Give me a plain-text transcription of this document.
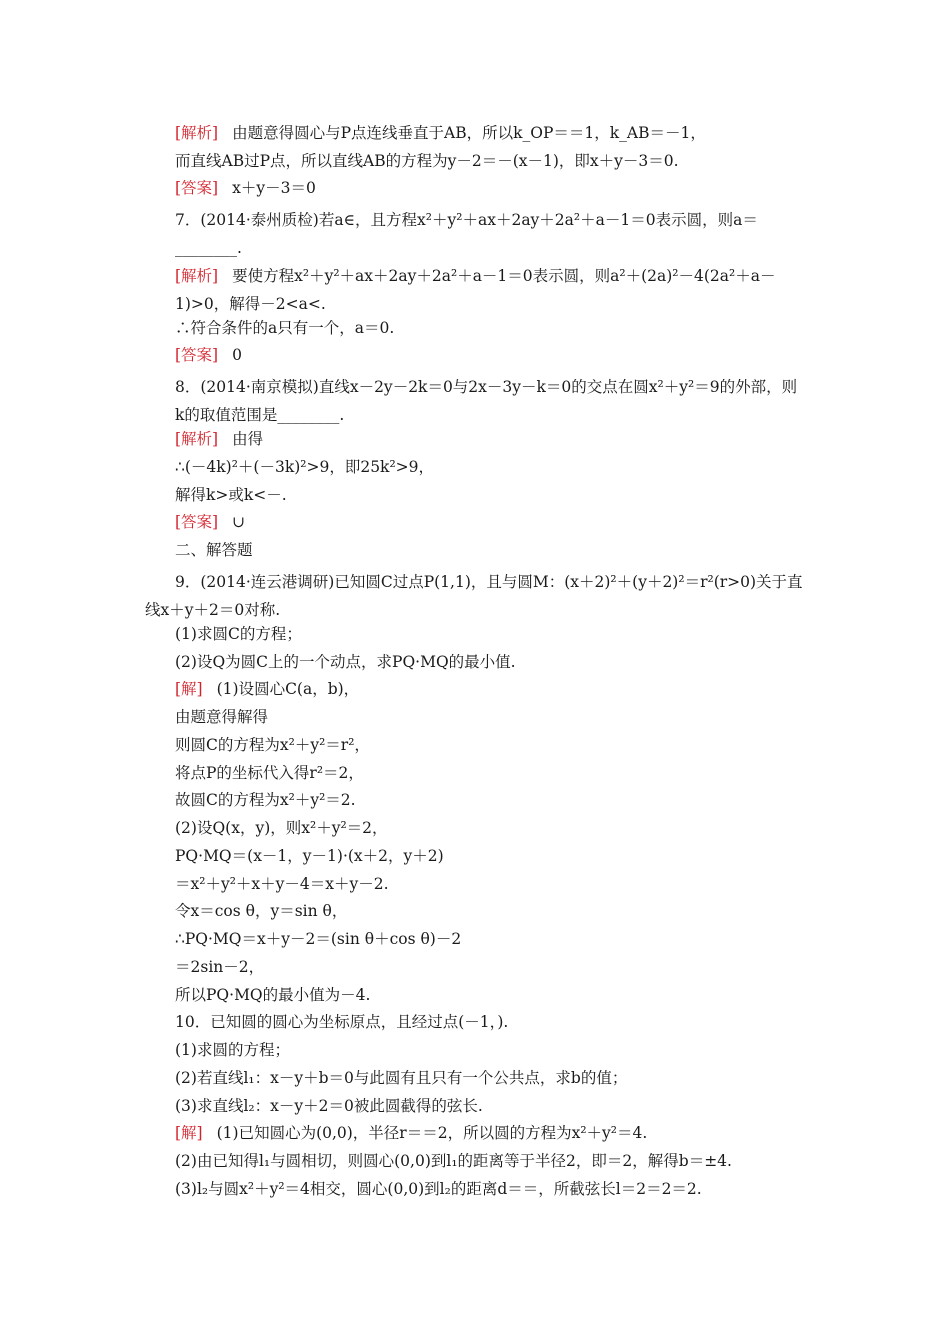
[解析] 由题意得圆心与P点连线垂直于AB，所以k_OP＝＝1，k_AB＝－1，
而直线AB过P点，所以直线AB的方程为y－2＝－(x－1)，即x＋y－3＝0.
[答案] x＋y－3＝0
7．(2014·泰州质检)若a∈，且方程x²＋y²＋ax＋2ay＋2a²＋a－1＝0表示圆，则a＝________.
[解析] 要使方程x²＋y²＋ax＋2ay＋2a²＋a－1＝0表示圆，则a²＋(2a)²－4(2a²＋a－1)>0，解得－2<a<.
∴符合条件的a只有一个，a＝0.
[答案] 0
8．(2014·南京模拟)直线x－2y－2k＝0与2x－3y－k＝0的交点在圆x²＋y²＝9的外部，则k的取值范围是________.
[解析] 由得
∴(－4k)²＋(－3k)²>9，即25k²>9，
解得k>或k<－.
[答案] ∪
二、解答题
9．(2014·连云港调研)已知圆C过点P(1,1)，且与圆M：(x＋2)²＋(y＋2)²＝r²(r>0)关于直线x＋y＋2＝0对称.
(1)求圆C的方程；
(2)设Q为圆C上的一个动点，求PQ·MQ的最小值.
[解] (1)设圆心C(a，b)，
由题意得解得
则圆C的方程为x²＋y²＝r²，
将点P的坐标代入得r²＝2，
故圆C的方程为x²＋y²＝2.
(2)设Q(x，y)，则x²＋y²＝2，
PQ·MQ＝(x－1，y－1)·(x＋2，y＋2)
＝x²＋y²＋x＋y－4＝x＋y－2.
令x＝cos θ，y＝sin θ，
∴PQ·MQ＝x＋y－2＝(sin θ＋cos θ)－2
＝2sin－2，
所以PQ·MQ的最小值为－4.
10．已知圆的圆心为坐标原点，且经过点(－1，).
(1)求圆的方程；
(2)若直线l₁：x－y＋b＝0与此圆有且只有一个公共点，求b的值；
(3)求直线l₂：x－y＋2＝0被此圆截得的弦长.
[解] (1)已知圆心为(0,0)，半径r＝＝2，所以圆的方程为x²＋y²＝4.
(2)由已知得l₁与圆相切，则圆心(0,0)到l₁的距离等于半径2，即＝2，解得b＝±4.
(3)l₂与圆x²＋y²＝4相交，圆心(0,0)到l₂的距离d＝＝，所截弦长l＝2＝2＝2.
